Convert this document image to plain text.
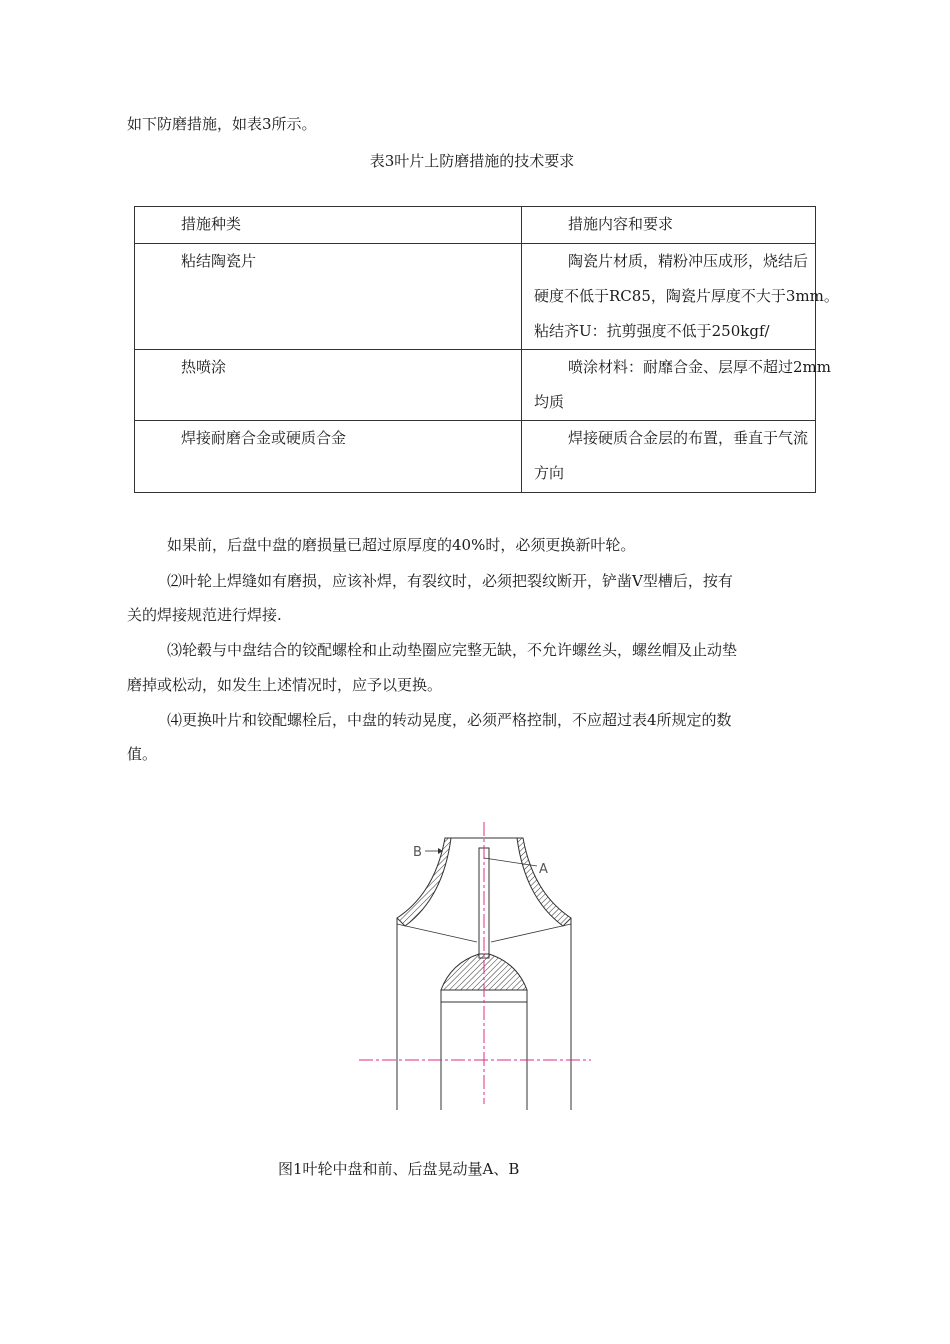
如下防磨措施，如表3所示。
表3叶片上防磨措施的技术要求
措施种类	措施内容和要求

粘结陶瓷片	陶瓷片材质，精粉冲压成形，烧结后
硬度不低于RC85，陶瓷片厚度不大于3mm。
粘结齐U：抗剪强度不低于250kgf/

热喷涂	喷涂材料：耐靡合金、层厚不超过2mm
均质

焊接耐磨合金或硬质合金	焊接硬质合金层的布置，垂直于气流
方向
如果前，后盘中盘的磨损量已超过原厚度的40%时，必须更换新叶轮。
⑵叶轮上焊缝如有磨损，应该补焊，有裂纹时，必须把裂纹断开，铲凿V型槽后，按有
关的焊接规范进行焊接.
⑶轮毂与中盘结合的铰配螺栓和止动垫圈应完整无缺，不允许螺丝头，螺丝帽及止动垫
磨掉或松动，如发生上述情况时，应予以更换。
⑷更换叶片和铰配螺栓后，中盘的转动晃度，必须严格控制，不应超过表4所规定的数
值。
A
B
图1叶轮中盘和前、后盘晃动量A、B
